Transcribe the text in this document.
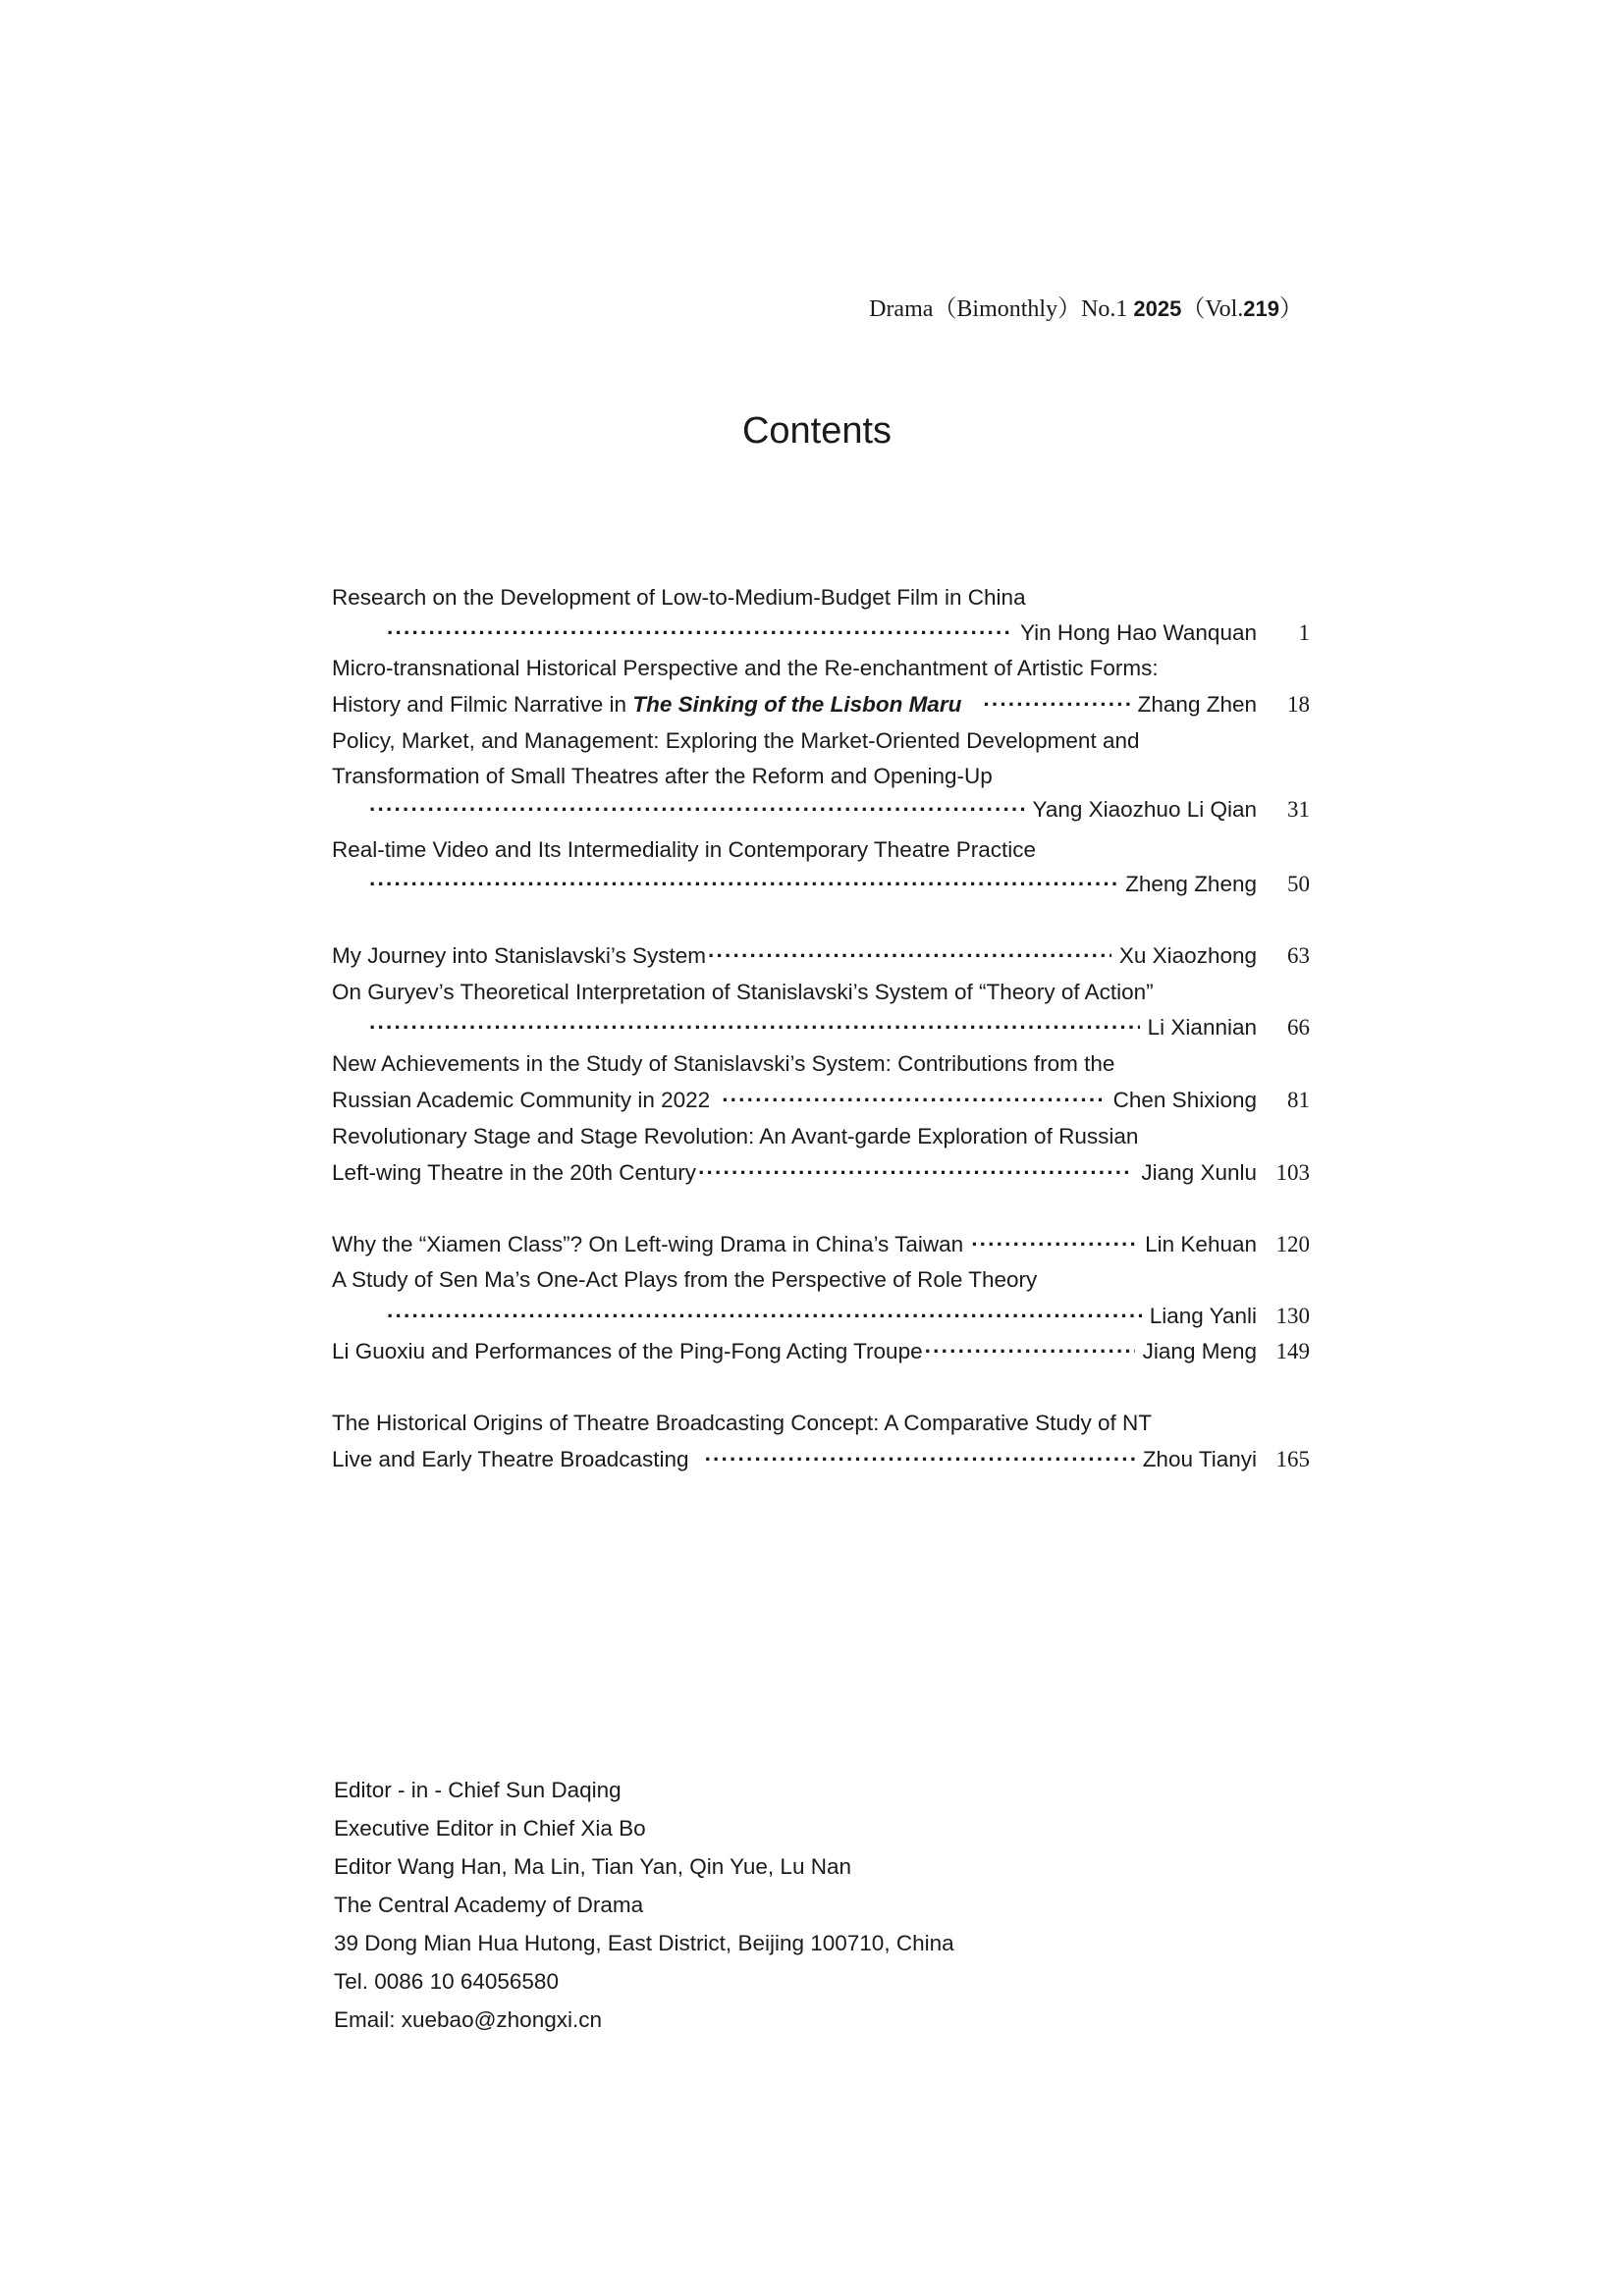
Drama（Bimonthly）No.1 2025（Vol.219）
Contents
Research on the Development of Low-to-Medium-Budget Film in China
·····
Yin Hong Hao Wanquan	1
Micro-transnational Historical Perspective and the Re-enchantment of Artistic Forms:
History and Filmic Narrative in The Sinking of the Lisbon Maru ·····	Zhang Zhen	18
Policy, Market, and Management: Exploring the Market-Oriented Development and
Transformation of Small Theatres after the Reform and Opening-Up
·····
Yang Xiaozhuo Li Qian	31
Real-time Video and Its Intermediality in Contemporary Theatre Practice
·····
Zheng Zheng	50
My Journey into Stanislavski’s System ·····	Xu Xiaozhong	63
On Guryev’s Theoretical Interpretation of Stanislavski’s System of “Theory of Action”
·····
Li Xiannian	66
New Achievements in the Study of Stanislavski’s System: Contributions from the
Russian Academic Community in 2022 ·····	Chen Shixiong	81
Revolutionary Stage and Stage Revolution: An Avant-garde Exploration of Russian
Left-wing Theatre in the 20th Century ·····	Jiang Xunlu 103
Why the “Xiamen Class”? On Left-wing Drama in China’s Taiwan ·····	Lin Kehuan 120
A Study of Sen Ma’s One-Act Plays from the Perspective of Role Theory
·····
Liang Yanli 130
Li Guoxiu and Performances of the Ping-Fong Acting Troupe ·····	Jiang Meng 149
The Historical Origins of Theatre Broadcasting Concept: A Comparative Study of NT
Live and Early Theatre Broadcasting ·····	Zhou Tianyi 165
Editor - in - Chief Sun Daqing
Executive Editor in Chief Xia Bo
Editor Wang Han, Ma Lin, Tian Yan, Qin Yue, Lu Nan
The Central Academy of Drama
39 Dong Mian Hua Hutong, East District, Beijing 100710, China
Tel. 0086 10 64056580
Email: xuebao@zhongxi.cn
